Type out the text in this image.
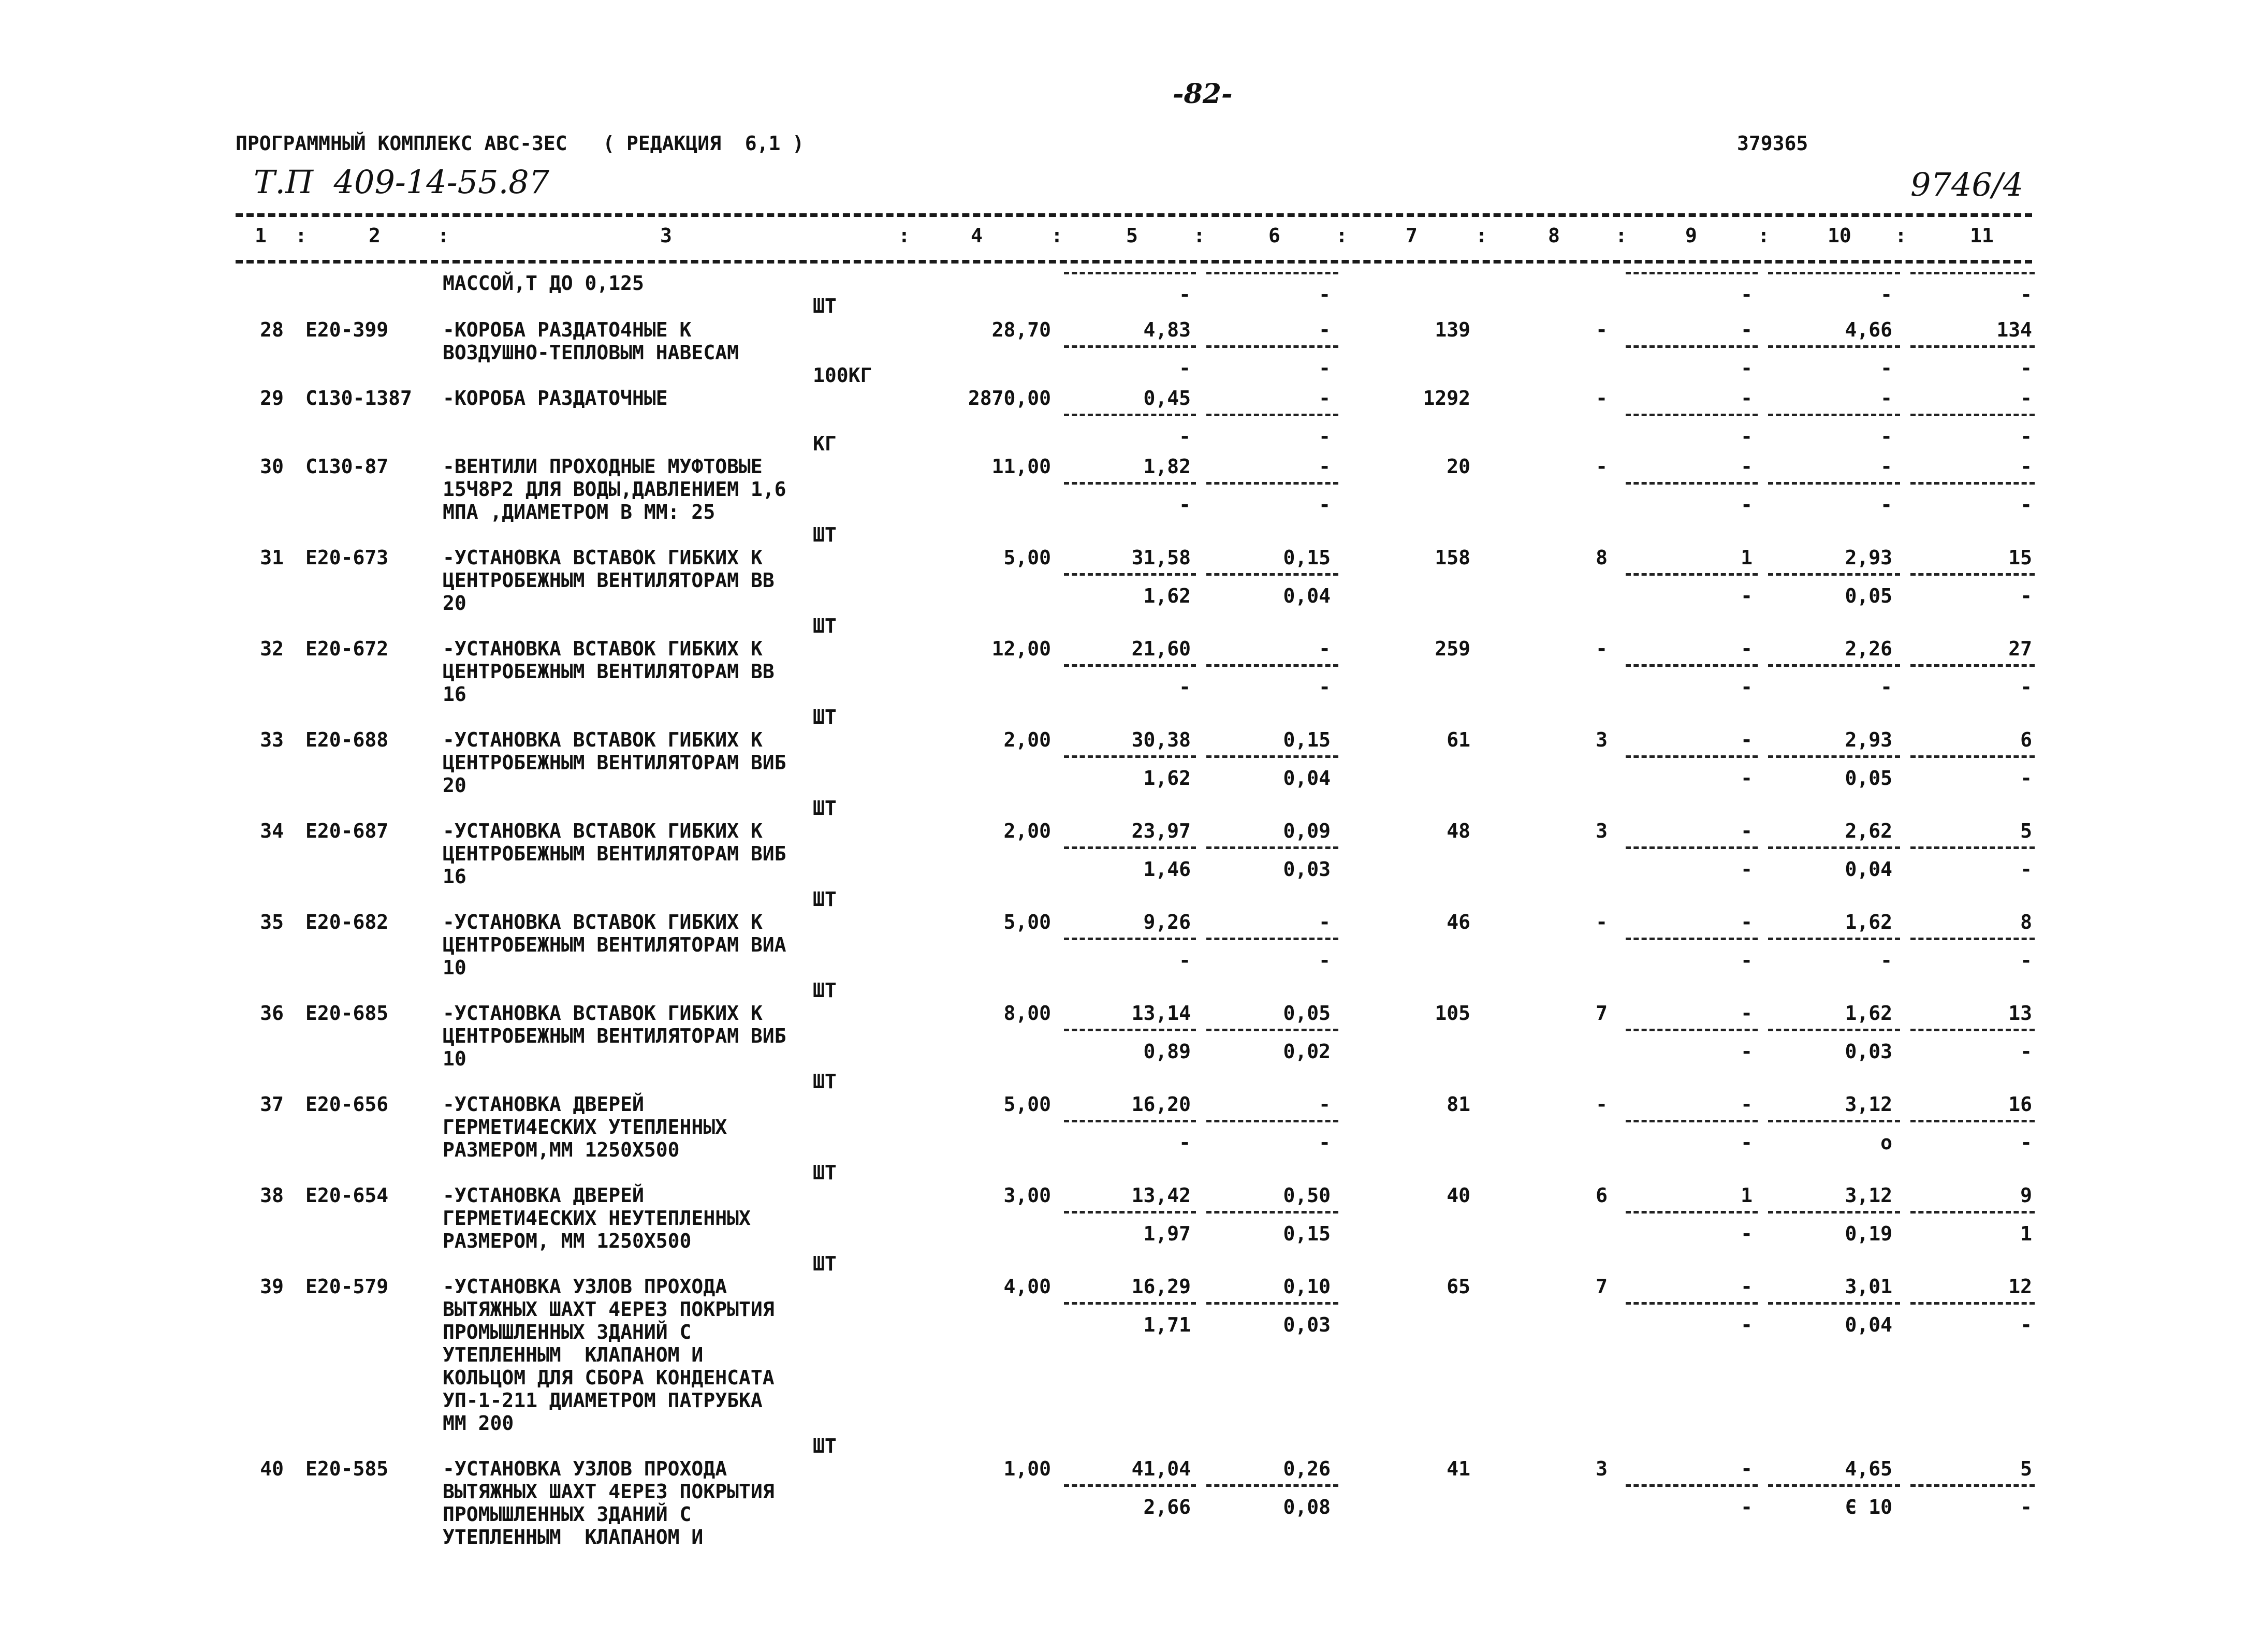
-82-
ПРОГРАММНЫЙ КОМПЛЕКС АВС-3ЕС   ( РЕДАКЦИЯ  6,1 )	379365
Т.П  409-14-55.87	9746/4
1	2	3	4	5	6	7	8	9	10	11
:	:	:	:	:	:	:	:	:	:
МАССОЙ,Т ДО 0,125	-	-	-	-	-
ШТ
28 Е20-399	-КОРОБА РАЗДАТО4НЫЕ К
ВОЗДУШНО-ТЕПЛОВЫМ НАВЕСАМ
28,70	4,83	-	139	-	-	4,66	134
-	-	-	-	-
100КГ
29 С130-1387 -КОРОБА РАЗДАТОЧНЫЕ	2870,00	0,45	-	1292	-	-	-	-
-	-	-	-	-
КГ
30 С130-87	-ВЕНТИЛИ ПРОХОДНЫЕ МУФТОВЫЕ
15Ч8Р2 ДЛЯ ВОДЫ,ДАВЛЕНИЕМ 1,6
МПА ,ДИАМЕТРОМ В ММ: 25
11,00	1,82	-	20	-	-	-	-
-	-	-	-	-
ШТ
31 Е20-673	-УСТАНОВКА ВСТАВОК ГИБКИХ К
ЦЕНТРОБЕЖНЫМ ВЕНТИЛЯТОРАМ ВВ
20
5,00	31,58	0,15	158	8	1	2,93	15
1,62	0,04	-	0,05	-
ШТ
32 Е20-672	-УСТАНОВКА ВСТАВОК ГИБКИХ К
ЦЕНТРОБЕЖНЫМ ВЕНТИЛЯТОРАМ ВВ
16
12,00	21,60	-	259	-	-	2,26	27
-	-	-	-	-
ШТ
33 Е20-688	-УСТАНОВКА ВСТАВОК ГИБКИХ К
ЦЕНТРОБЕЖНЫМ ВЕНТИЛЯТОРАМ ВИБ
20
2,00	30,38	0,15	61	3	-	2,93	6
1,62	0,04	-	0,05	-
ШТ
34 Е20-687	-УСТАНОВКА ВСТАВОК ГИБКИХ К
ЦЕНТРОБЕЖНЫМ ВЕНТИЛЯТОРАМ ВИБ
16
2,00	23,97	0,09	48	3	-	2,62	5
1,46	0,03	-	0,04	-
ШТ
35 Е20-682	-УСТАНОВКА ВСТАВОК ГИБКИХ К
ЦЕНТРОБЕЖНЫМ ВЕНТИЛЯТОРАМ ВИА
10
5,00	9,26	-	46	-	-	1,62	8
-	-	-	-	-
ШТ
36 Е20-685	-УСТАНОВКА ВСТАВОК ГИБКИХ К
ЦЕНТРОБЕЖНЫМ ВЕНТИЛЯТОРАМ ВИБ
10
8,00	13,14	0,05	105	7	-	1,62	13
0,89	0,02	-	0,03	-
ШТ
37 Е20-656	-УСТАНОВКА ДВЕРЕЙ
ГЕРМЕТИ4ЕСКИХ УТЕПЛЕННЫХ
РАЗМЕРОМ,ММ 1250Х500
5,00	16,20	-	81	-	-	3,12	16
-	-	-	о	-
ШТ
38 Е20-654	-УСТАНОВКА ДВЕРЕЙ
ГЕРМЕТИ4ЕСКИХ НЕУТЕПЛЕННЫХ
РАЗМЕРОМ, ММ 1250Х500
3,00	13,42	0,50	40	6	1	3,12	9
1,97	0,15	-	0,19	1
ШТ
39 Е20-579	-УСТАНОВКА УЗЛОВ ПРОХОДА
ВЫТЯЖНЫХ ШАХТ 4ЕРЕЗ ПОКРЫТИЯ
ПРОМЫШЛЕННЫХ ЗДАНИЙ С
УТЕПЛЕННЫМ  КЛАПАНОМ И
КОЛЬЦОМ ДЛЯ СБОРА КОНДЕНСАТА
УП-1-211 ДИАМЕТРОМ ПАТРУБКА
ММ 200
4,00	16,29	0,10	65	7	-	3,01	12
1,71	0,03	-	0,04	-
ШТ
40 Е20-585	-УСТАНОВКА УЗЛОВ ПРОХОДА
ВЫТЯЖНЫХ ШАХТ 4ЕРЕЗ ПОКРЫТИЯ
ПРОМЫШЛЕННЫХ ЗДАНИЙ С
УТЕПЛЕННЫМ  КЛАПАНОМ И
1,00	41,04	0,26	41	3	-	4,65	5
2,66	0,08	-	Є 10	-
